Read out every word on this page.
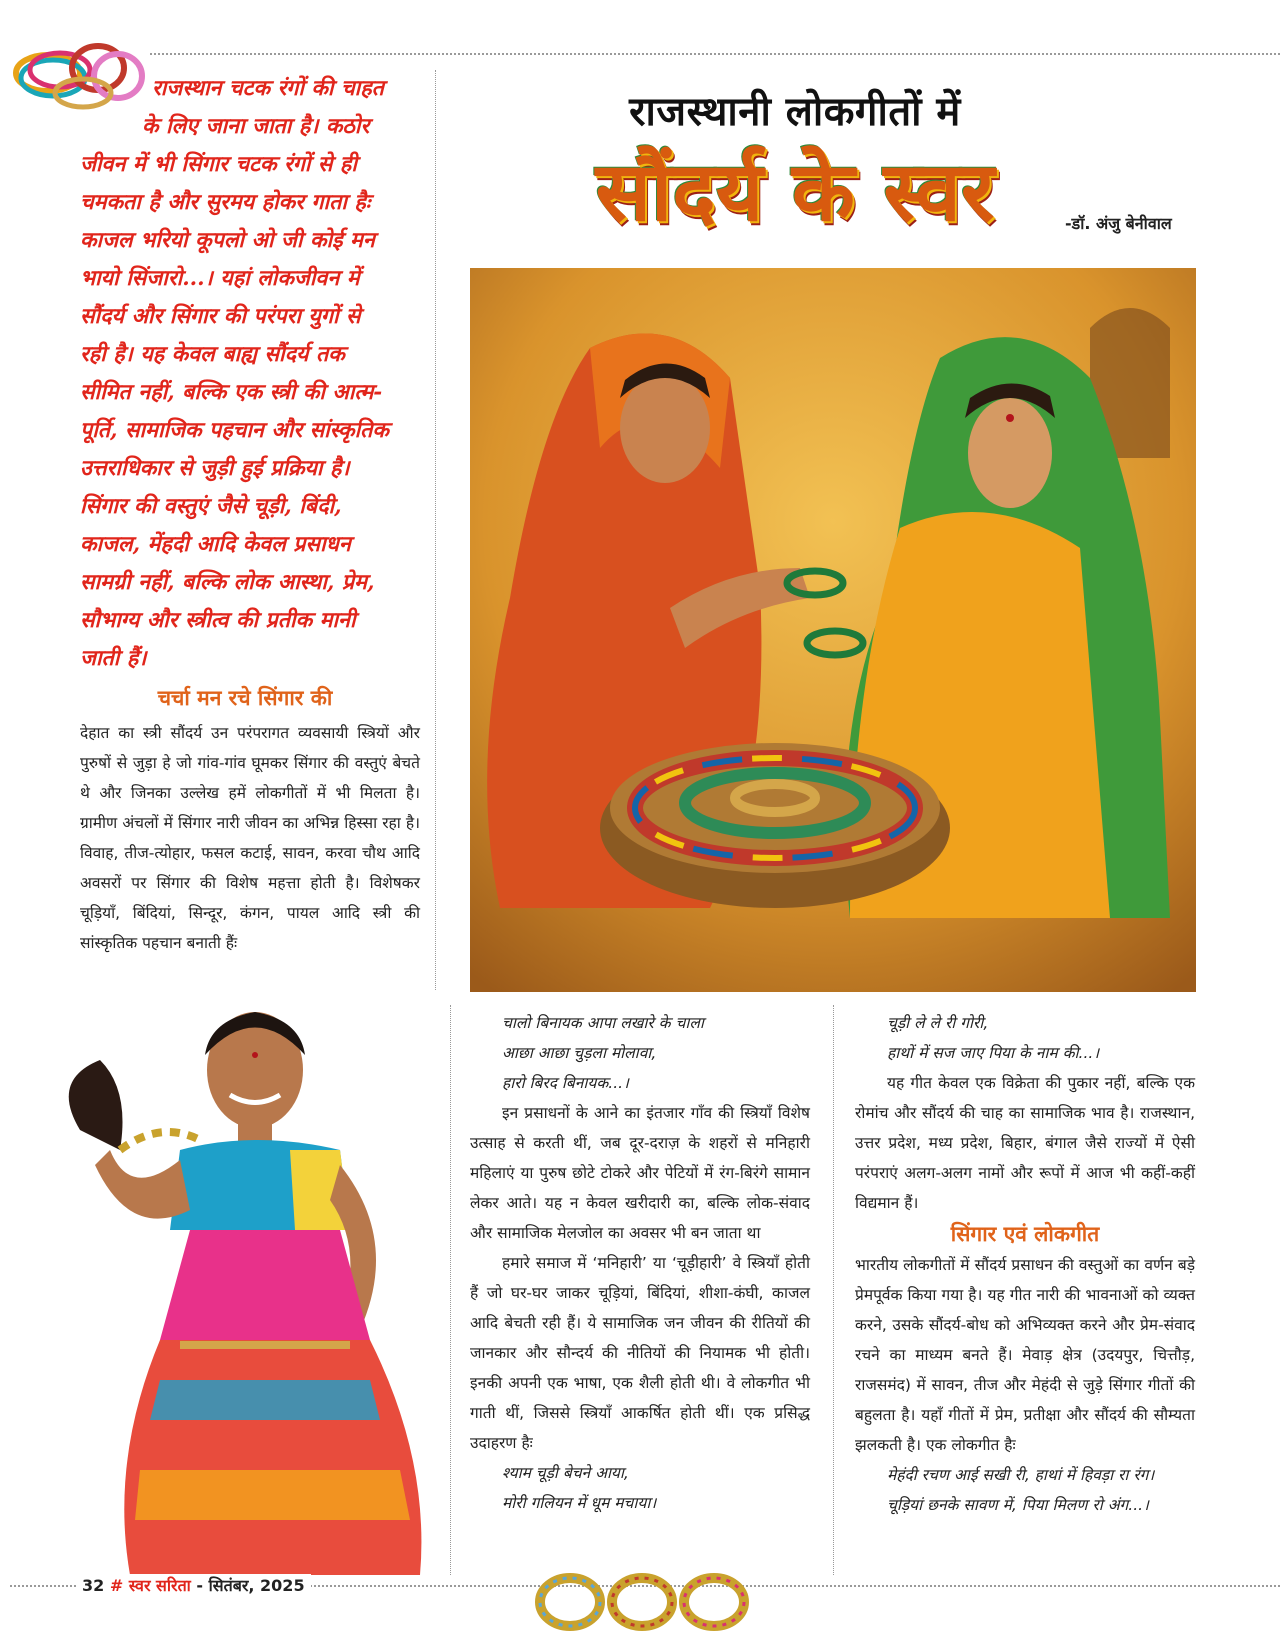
राजस्थान चटक रंगों की चाहत

के लिए जाना जाता है। कठोर

जीवन में भी सिंगार चटक रंगों से ही

चमकता है और सुरमय होकर गाता हैः

काजल भरियो कूपलो ओ जी कोई मन

भायो सिंजारो...। यहां लोकजीवन में

सौंदर्य और सिंगार की परंपरा युगों से

रही है। यह केवल बाह्य सौंदर्य तक

सीमित नहीं, बल्कि एक स्त्री की आत्म-

पूर्ति, सामाजिक पहचान और सांस्कृतिक

उत्तराधिकार से जुड़ी हुई प्रक्रिया है।

सिंगार की वस्तुएं जैसे चूड़ी, बिंदी,

काजल, मेंहदी आदि केवल प्रसाधन

सामग्री नहीं, बल्कि लोक आस्था, प्रेम,

सौभाग्य और स्त्रीत्व की प्रतीक मानी

जाती हैं।

चर्चा मन रचे सिंगार की

देहात का स्त्री सौंदर्य उन परंपरागत व्यवसायी स्त्रियों और पुरुषों से जुड़ा हे जो गांव-गांव घूमकर सिंगार की वस्तुएं बेचते थे और जिनका उल्लेख हमें लोकगीतों में भी मिलता है। ग्रामीण अंचलों में सिंगार नारी जीवन का अभिन्न हिस्सा रहा है। विवाह, तीज-त्योहार, फसल कटाई, सावन, करवा चौथ आदि अवसरों पर सिंगार की विशेष महत्ता होती है। विशेषकर चूड़ियाँ, बिंदियां, सिन्दूर, कंगन, पायल आदि स्त्री की सांस्कृतिक पहचान बनाती हैंः

राजस्थानी लोकगीतों में
सौंदर्य के स्वर	-डॉ. अंजु बेनीवाल
चालो बिनायक आपा लखारे के चाला
आछा आछा चुड़ला मोलावा,
हारो बिरद बिनायक...।

इन प्रसाधनों के आने का इंतजार गाँव की स्त्रियाँ विशेष उत्साह से करती थीं, जब दूर-दराज़ के शहरों से मनिहारी महिलाएं या पुरुष छोटे टोकरे और पेटियों में रंग-बिरंगे सामान लेकर आते। यह न केवल खरीदारी का, बल्कि लोक-संवाद और सामाजिक मेलजोल का अवसर भी बन जाता था

हमारे समाज में ‘मनिहारी’ या ‘चूड़ीहारी’ वे स्त्रियाँ होती हैं जो घर-घर जाकर चूड़ियां, बिंदियां, शीशा-कंघी, काजल आदि बेचती रही हैं। ये सामाजिक जन जीवन की रीतियों की जानकार और सौन्दर्य की नीतियों की नियामक भी होती। इनकी अपनी एक भाषा, एक शैली होती थी। वे लोकगीत भी गाती थीं, जिससे स्त्रियाँ आकर्षित होती थीं। एक प्रसिद्ध उदाहरण हैः

श्याम चूड़ी बेचने आया,
मोरी गलियन में धूम मचाया।
चूड़ी ले ले री गोरी,
हाथों में सज जाए पिया के नाम की...।

यह गीत केवल एक विक्रेता की पुकार नहीं, बल्कि एक रोमांच और सौंदर्य की चाह का सामाजिक भाव है। राजस्थान, उत्तर प्रदेश, मध्य प्रदेश, बिहार, बंगाल जैसे राज्यों में ऐसी परंपराएं अलग-अलग नामों और रूपों में आज भी कहीं-कहीं विद्यमान हैं।

सिंगार एवं लोकगीत

भारतीय लोकगीतों में सौंदर्य प्रसाधन की वस्तुओं का वर्णन बड़े प्रेमपूर्वक किया गया है। यह गीत नारी की भावनाओं को व्यक्त करने, उसके सौंदर्य-बोध को अभिव्यक्त करने और प्रेम-संवाद रचने का माध्यम बनते हैं। मेवाड़ क्षेत्र (उदयपुर, चित्तौड़, राजसमंद) में सावन, तीज और मेहंदी से जुड़े सिंगार गीतों की बहुलता है। यहाँ गीतों में प्रेम, प्रतीक्षा और सौंदर्य की सौम्यता झलकती है। एक लोकगीत हैः

मेहंदी रचण आई सखी री, हाथां में हिवड़ा रा रंग।
चूड़ियां छनके सावण में, पिया मिलण रो अंग...।
32 # स्वर सरिता - सितंबर, 2025
